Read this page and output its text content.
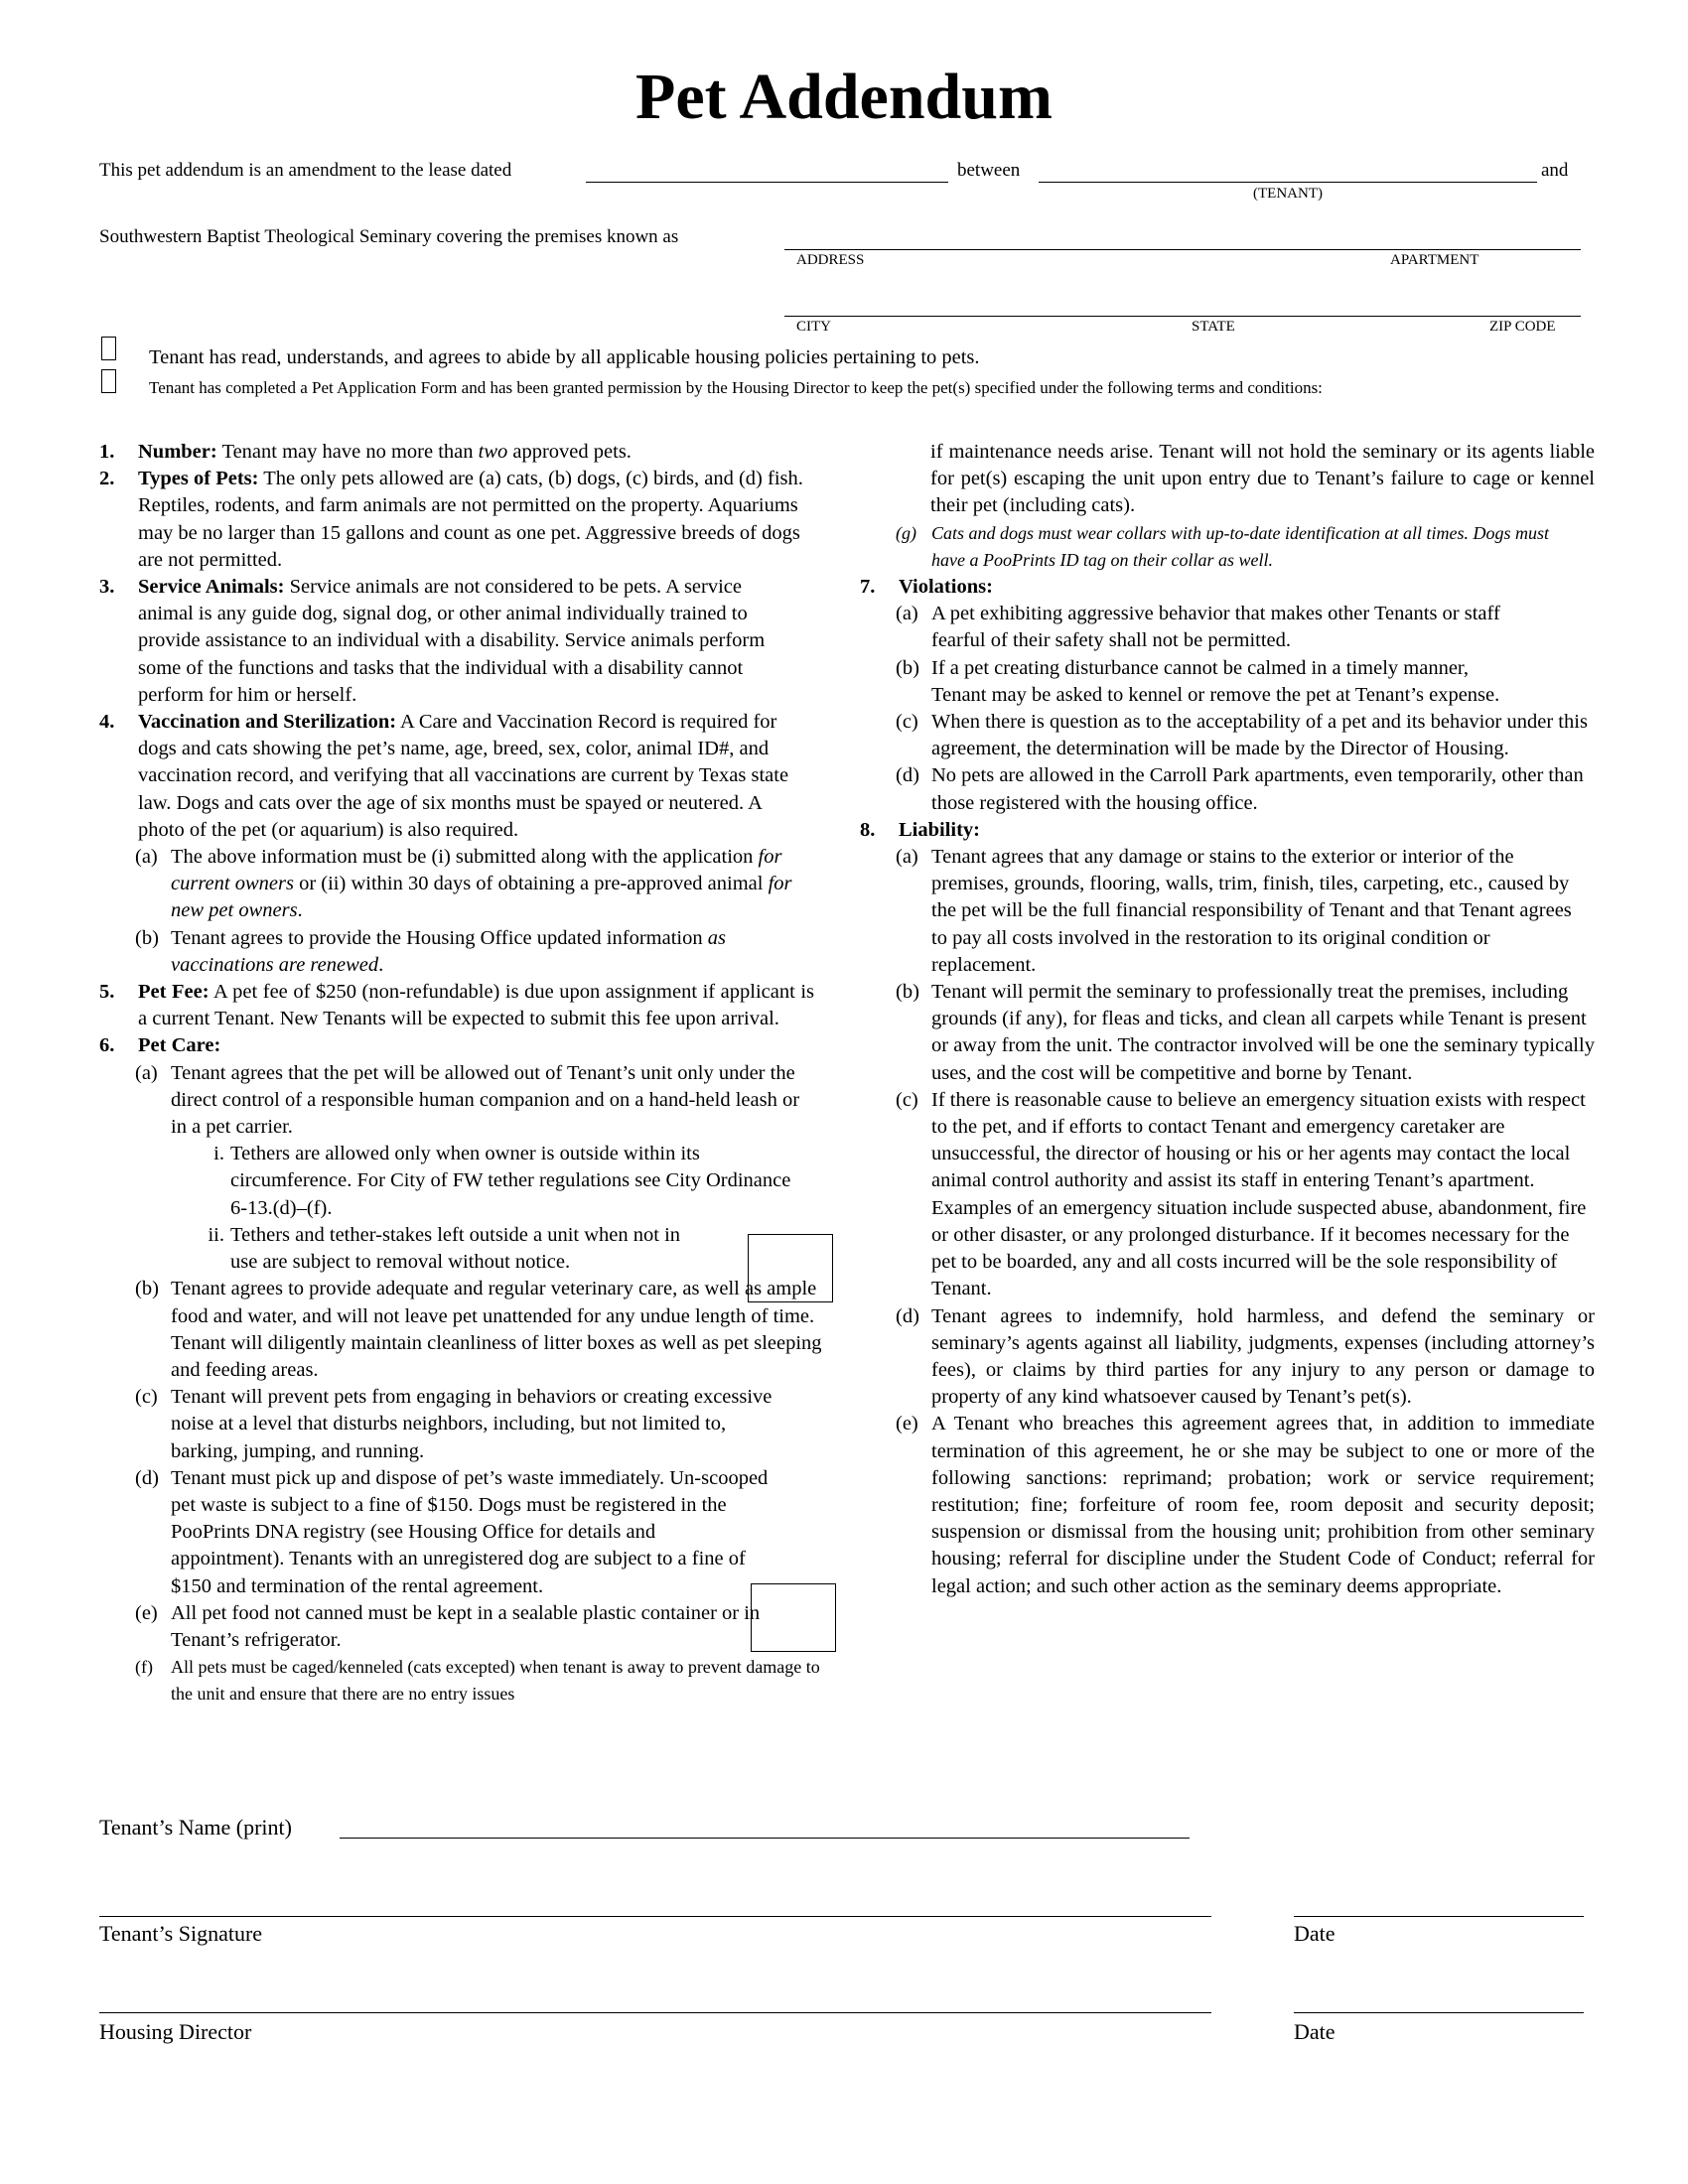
Pet Addendum
This pet addendum is an amendment to the lease dated	between	and
(TENANT)
Southwestern Baptist Theological Seminary covering the premises known as
ADDRESS	APARTMENT
CITY	STATE	ZIP CODE
Tenant has read, understands, and agrees to abide by all applicable housing policies pertaining to pets.
Tenant has completed a Pet Application Form and has been granted permission by the Housing Director to keep the pet(s) specified under the following terms and conditions:
1.	Number: Tenant may have no more than two approved pets.
2.	Types of Pets: The only pets allowed are (a) cats, (b) dogs, (c) birds, and (d) fish. Reptiles, rodents, and farm animals are not permitted on the property. Aquariums may be no larger than 15 gallons and count as one pet. Aggressive breeds of dogs are not permitted.
3.	Service Animals: Service animals are not considered to be pets. A service animal is any guide dog, signal dog, or other animal individually trained to provide assistance to an individual with a disability. Service animals perform some of the functions and tasks that the individual with a disability cannot perform for him or herself.
4.	Vaccination and Sterilization: A Care and Vaccination Record is required for dogs and cats showing the pet’s name, age, breed, sex, color, animal ID#, and vaccination record, and verifying that all vaccinations are current by Texas state law. Dogs and cats over the age of six months must be spayed or neutered. A photo of the pet (or aquarium) is also required.
(a) The above information must be (i) submitted along with the application for current owners or (ii) within 30 days of obtaining a pre-approved animal for new pet owners.
(b) Tenant agrees to provide the Housing Office updated information as vaccinations are renewed.
5.	Pet Fee: A pet fee of $250 (non-refundable) is due upon assignment if applicant is a current Tenant. New Tenants will be expected to submit this fee upon arrival.
6.	Pet Care:
(a) Tenant agrees that the pet will be allowed out of Tenant’s unit only under the direct control of a responsible human companion and on a hand-held leash or in a pet carrier.
i. Tethers are allowed only when owner is outside within its circumference. For City of FW tether regulations see City Ordinance 6-13.(d)–(f).
ii. Tethers and tether-stakes left outside a unit when not in use are subject to removal without notice.
(b) Tenant agrees to provide adequate and regular veterinary care, as well as ample food and water, and will not leave pet unattended for any undue length of time. Tenant will diligently maintain cleanliness of litter boxes as well as pet sleeping and feeding areas.
(c) Tenant will prevent pets from engaging in behaviors or creating excessive noise at a level that disturbs neighbors, including, but not limited to, barking, jumping, and running.
(d) Tenant must pick up and dispose of pet’s waste immediately. Un-scooped pet waste is subject to a fine of $150. Dogs must be registered in the PooPrints DNA registry (see Housing Office for details and appointment). Tenants with an unregistered dog are subject to a fine of $150 and termination of the rental agreement.
(e) All pet food not canned must be kept in a sealable plastic container or in Tenant’s refrigerator.
(f)	All pets must be caged/kenneled (cats excepted) when tenant is away to prevent damage to the unit and ensure that there are no entry issues
if maintenance needs arise. Tenant will not hold the seminary or its agents liable for pet(s) escaping the unit upon entry due to Tenant’s failure to cage or kennel their pet (including cats).
(g) Cats and dogs must wear collars with up-to-date identification at all times. Dogs must have a PooPrints ID tag on their collar as well.
7.	Violations:
(a) A pet exhibiting aggressive behavior that makes other Tenants or staff fearful of their safety shall not be permitted.
(b) If a pet creating disturbance cannot be calmed in a timely manner, Tenant may be asked to kennel or remove the pet at Tenant’s expense.
(c) When there is question as to the acceptability of a pet and its behavior under this agreement, the determination will be made by the Director of Housing.
(d) No pets are allowed in the Carroll Park apartments, even temporarily, other than those registered with the housing office.
8.	Liability:
(a) Tenant agrees that any damage or stains to the exterior or interior of the premises, grounds, flooring, walls, trim, finish, tiles, carpeting, etc., caused by the pet will be the full financial responsibility of Tenant and that Tenant agrees to pay all costs involved in the restoration to its original condition or replacement.
(b) Tenant will permit the seminary to professionally treat the premises, including grounds (if any), for fleas and ticks, and clean all carpets while Tenant is present or away from the unit. The contractor involved will be one the seminary typically uses, and the cost will be competitive and borne by Tenant.
(c) If there is reasonable cause to believe an emergency situation exists with respect to the pet, and if efforts to contact Tenant and emergency caretaker are unsuccessful, the director of housing or his or her agents may contact the local animal control authority and assist its staff in entering Tenant’s apartment. Examples of an emergency situation include suspected abuse, abandonment, fire or other disaster, or any prolonged disturbance. If it becomes necessary for the pet to be boarded, any and all costs incurred will be the sole responsibility of Tenant.
(d) Tenant agrees to indemnify, hold harmless, and defend the seminary or seminary’s agents against all liability, judgments, expenses (including attorney’s fees), or claims by third parties for any injury to any person or damage to property of any kind whatsoever caused by Tenant’s pet(s).
(e) A Tenant who breaches this agreement agrees that, in addition to immediate termination of this agreement, he or she may be subject to one or more of the following sanctions: reprimand; probation; work or service requirement; restitution; fine; forfeiture of room fee, room deposit and security deposit; suspension or dismissal from the housing unit; prohibition from other seminary housing; referral for discipline under the Student Code of Conduct; referral for legal action; and such other action as the seminary deems appropriate.
Tenant’s Name (print)
Tenant’s Signature	Date
Housing Director	Date
